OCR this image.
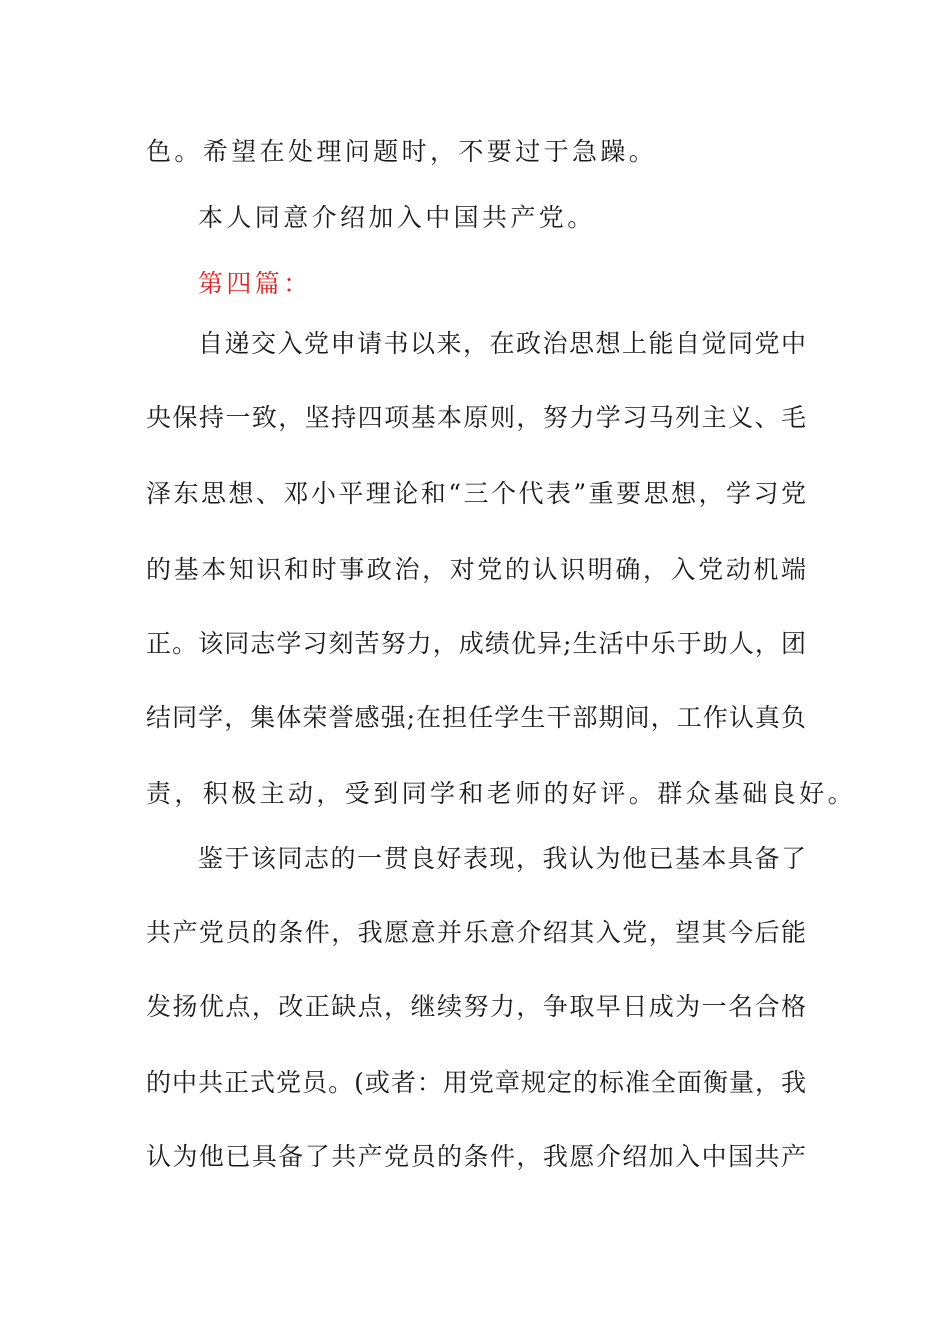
色。希望在处理问题时，不要过于急躁。
本人同意介绍加入中国共产党。
第四篇：
自递交入党申请书以来，在政治思想上能自觉同党中
央保持一致，坚持四项基本原则，努力学习马列主义、毛
泽东思想、邓小平理论和“三个代表”重要思想，学习党
的基本知识和时事政治，对党的认识明确，入党动机端
正。该同志学习刻苦努力，成绩优异;生活中乐于助人，团
结同学，集体荣誉感强;在担任学生干部期间，工作认真负
责，积极主动，受到同学和老师的好评。群众基础良好。
鉴于该同志的一贯良好表现，我认为他已基本具备了
共产党员的条件，我愿意并乐意介绍其入党，望其今后能
发扬优点，改正缺点，继续努力，争取早日成为一名合格
的中共正式党员。(或者：用党章规定的标准全面衡量，我
认为他已具备了共产党员的条件，我愿介绍加入中国共产
